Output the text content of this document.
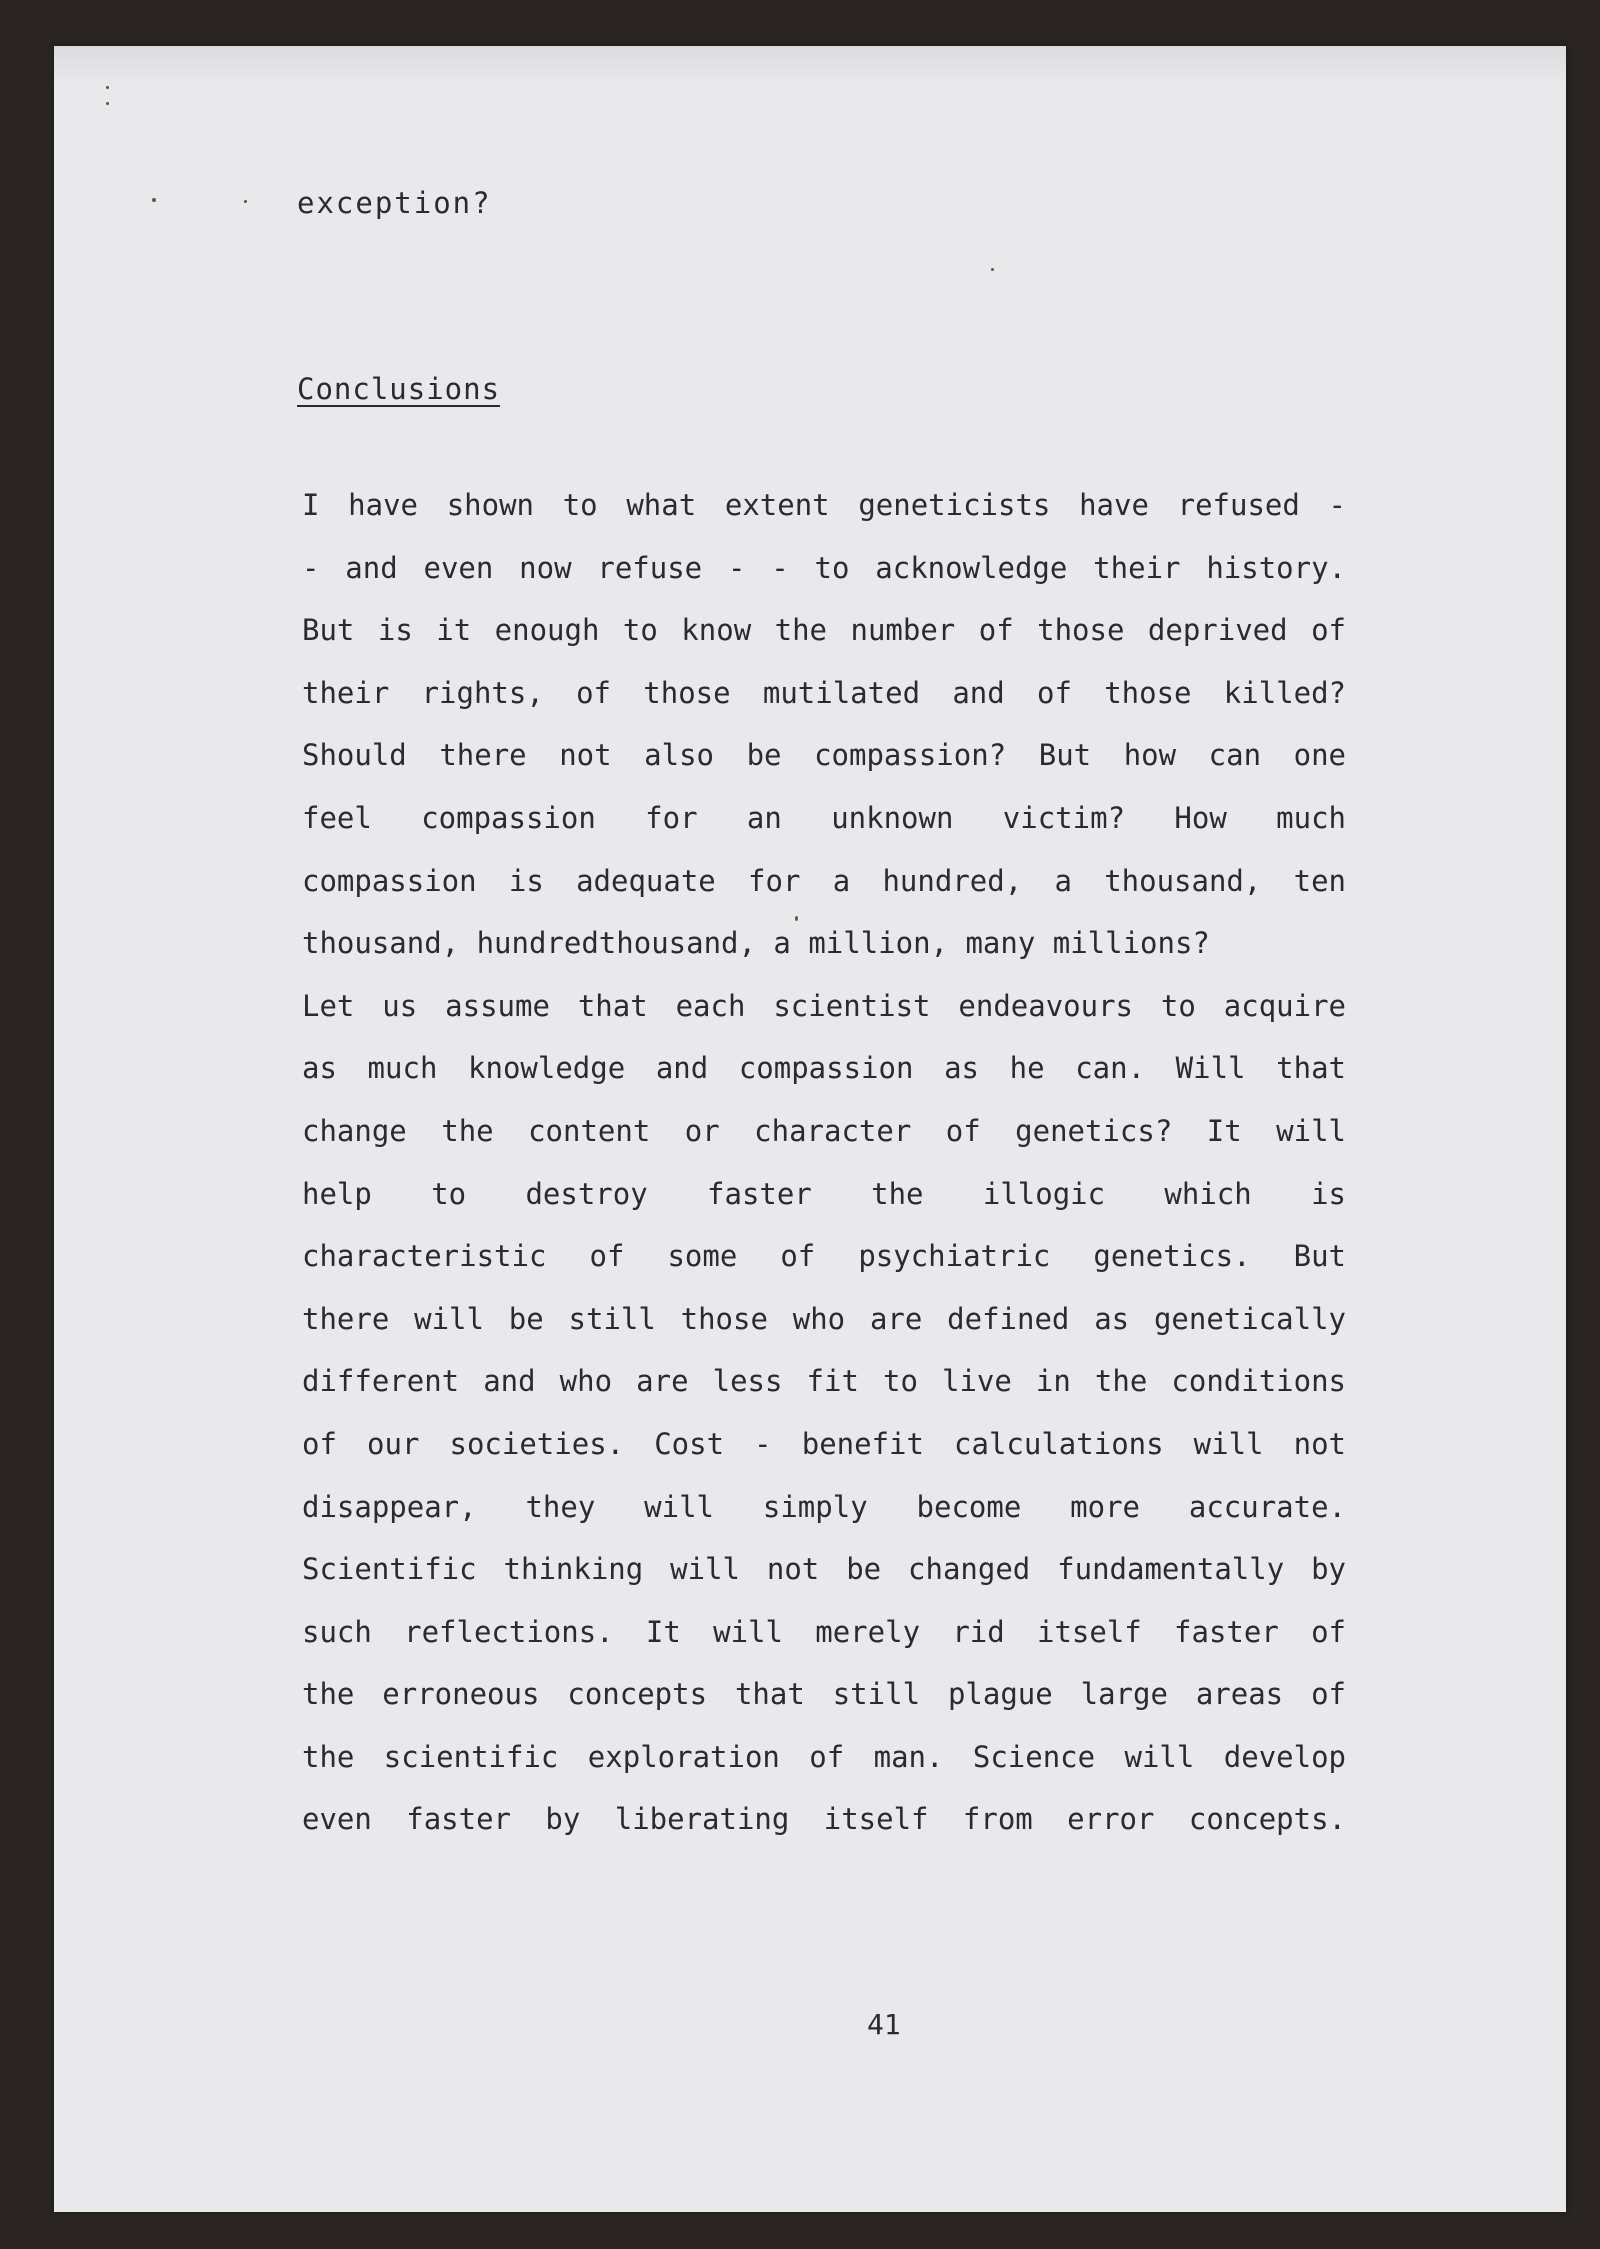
exception?

Conclusions

I have shown to what extent geneticists have refused -
- and even now refuse - - to acknowledge their history.
But is it enough to know the number of those deprived of
their rights, of those mutilated and of those killed?
Should there not also be compassion? But how can one
feel compassion for an unknown victim? How much
compassion is adequate for a hundred, a thousand, ten
thousand, hundredthousand, a million, many millions?
Let us assume that each scientist endeavours to acquire
as much knowledge and compassion as he can. Will that
change the content or character of genetics? It will
help to destroy faster the illogic which is
characteristic of some of psychiatric genetics. But
there will be still those who are defined as genetically
different and who are less fit to live in the conditions
of our societies. Cost - benefit calculations will not
disappear, they will simply become more accurate.
Scientific thinking will not be changed fundamentally by
such reflections. It will merely rid itself faster of
the erroneous concepts that still plague large areas of
the scientific exploration of man. Science will develop
even faster by liberating itself from error concepts.

41
